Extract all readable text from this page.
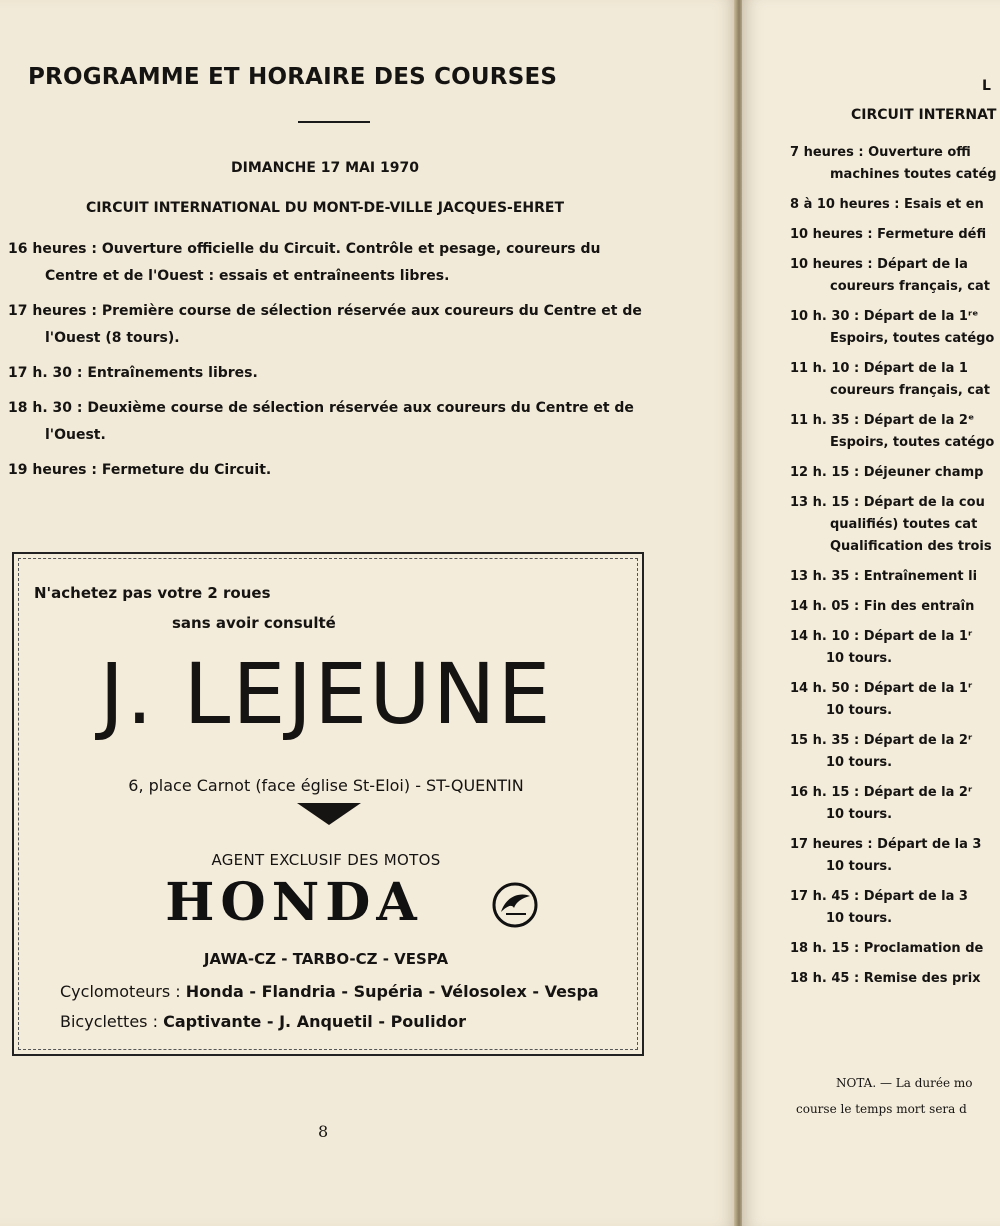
PROGRAMME ET HORAIRE DES COURSES
DIMANCHE 17 MAI 1970
CIRCUIT INTERNATIONAL DU MONT-DE-VILLE JACQUES-EHRET
16 heures : Ouverture officielle du Circuit. Contrôle et pesage, coureurs du
Centre et de l'Ouest : essais et entraîneents libres.
17 heures : Première course de sélection réservée aux coureurs du Centre et de
l'Ouest (8 tours).
17 h. 30 : Entraînements libres.
18 h. 30 : Deuxième course de sélection réservée aux coureurs du Centre et de
l'Ouest.
19 heures : Fermeture du Circuit.
N'achetez pas votre 2 roues
sans avoir consulté
J. LEJEUNE
6, place Carnot (face église St-Eloi) - ST-QUENTIN
AGENT EXCLUSIF DES MOTOS
HONDA
JAWA-CZ - TARBO-CZ - VESPA
Cyclomoteurs : Honda - Flandria - Supéria - Vélosolex - Vespa
Bicyclettes : Captivante - J. Anquetil - Poulidor
8
L
CIRCUIT INTERNAT
7 heures : Ouverture offi
machines toutes catég
8 à 10 heures : Esais et en
10 heures : Fermeture défi
10 heures : Départ de la
coureurs français, cat
10 h. 30 : Départ de la 1ʳᵉ
Espoirs, toutes catégo
11 h. 10 : Départ de la 1
coureurs français, cat
11 h. 35 : Départ de la 2ᵉ
Espoirs, toutes catégo
12 h. 15 : Déjeuner champ
13 h. 15 : Départ de la cou
qualifiés) toutes cat
Qualification des trois
13 h. 35 : Entraînement li
14 h. 05 : Fin des entraîn
14 h. 10 : Départ de la 1ʳ
10 tours.
14 h. 50 : Départ de la 1ʳ
10 tours.
15 h. 35 : Départ de la 2ʳ
10 tours.
16 h. 15 : Départ de la 2ʳ
10 tours.
17 heures : Départ de la 3
10 tours.
17 h. 45 : Départ de la 3
10 tours.
18 h. 15 : Proclamation de
18 h. 45 : Remise des prix
NOTA. — La durée mo
course le temps mort sera d
